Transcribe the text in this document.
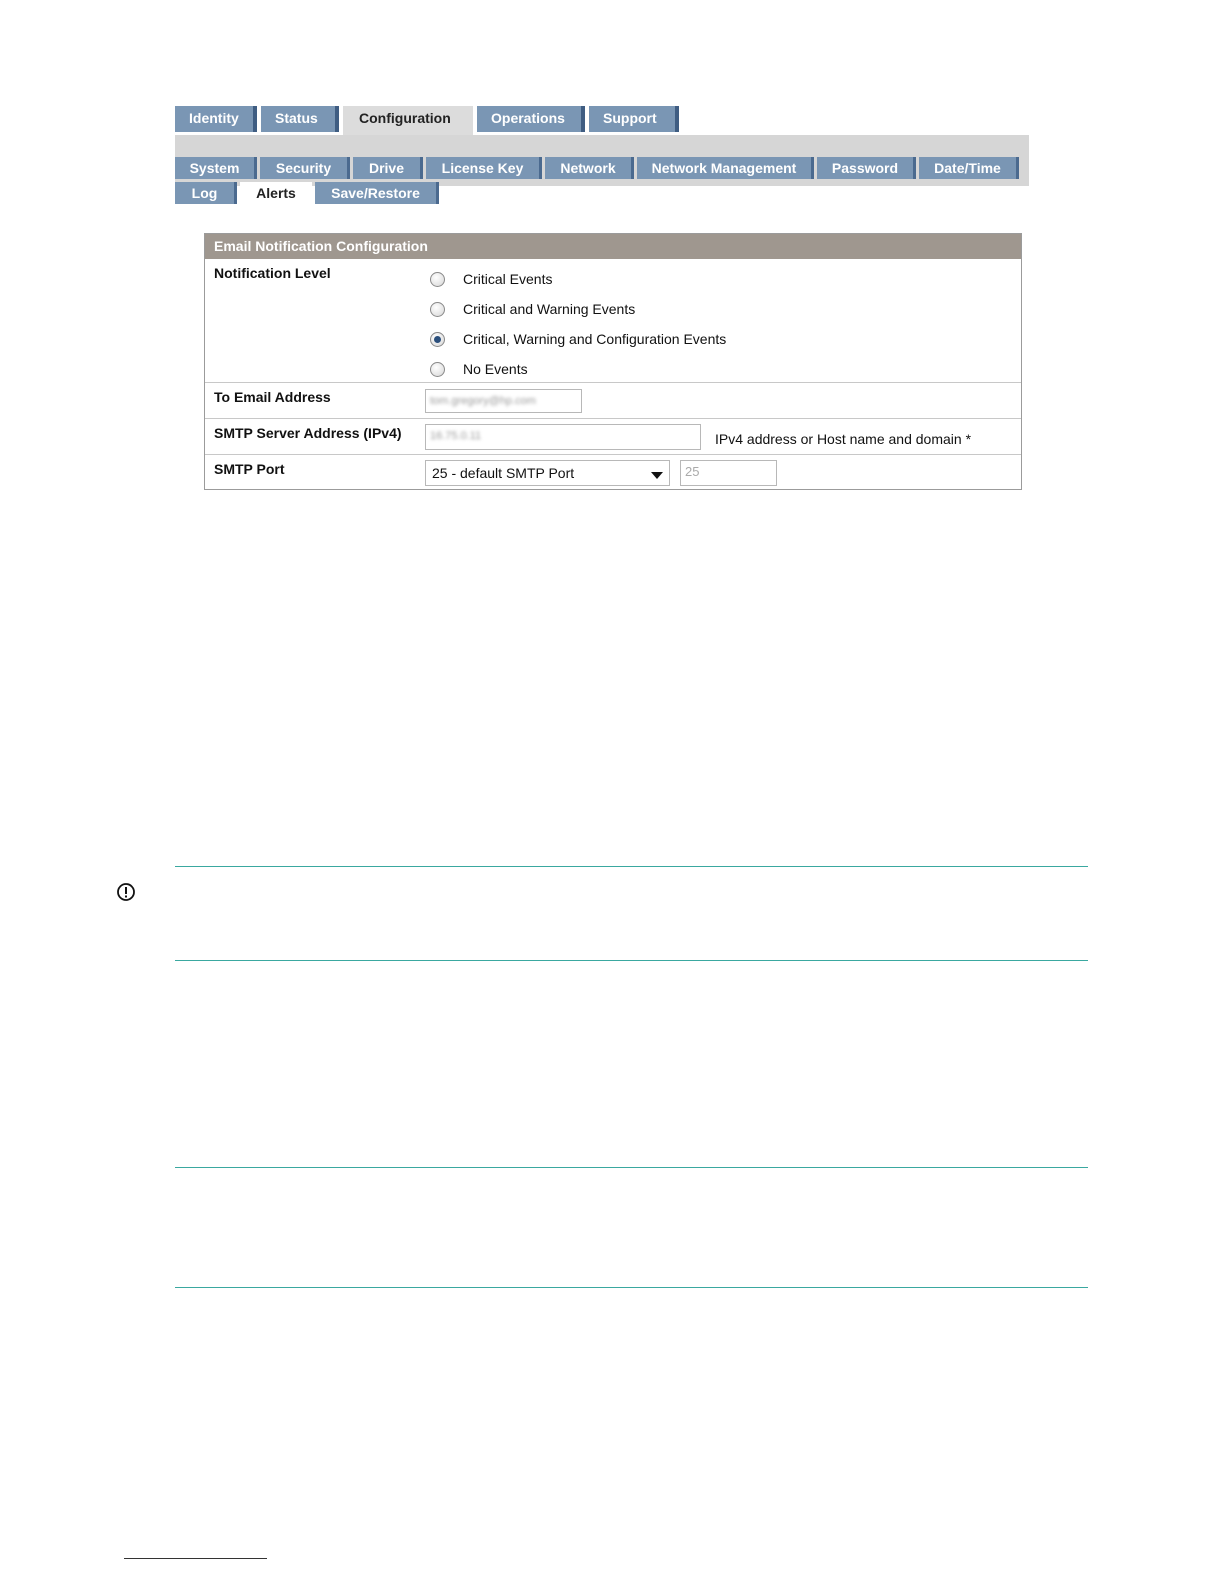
Identity	Status	Configuration	Operations	Support
System	Security	Drive	License Key	Network	Network Management	Password	Date/Time
Log	Alerts	Save/Restore
Email Notification Configuration
Notification Level	Critical Events
Critical and Warning Events
Critical, Warning and Configuration Events
No Events
To Email Address	tom.gregory@hp.com
SMTP Server Address (IPv4)	16.75.0.11	IPv4 address or Host name and domain *
SMTP Port	25 - default SMTP Port	25
